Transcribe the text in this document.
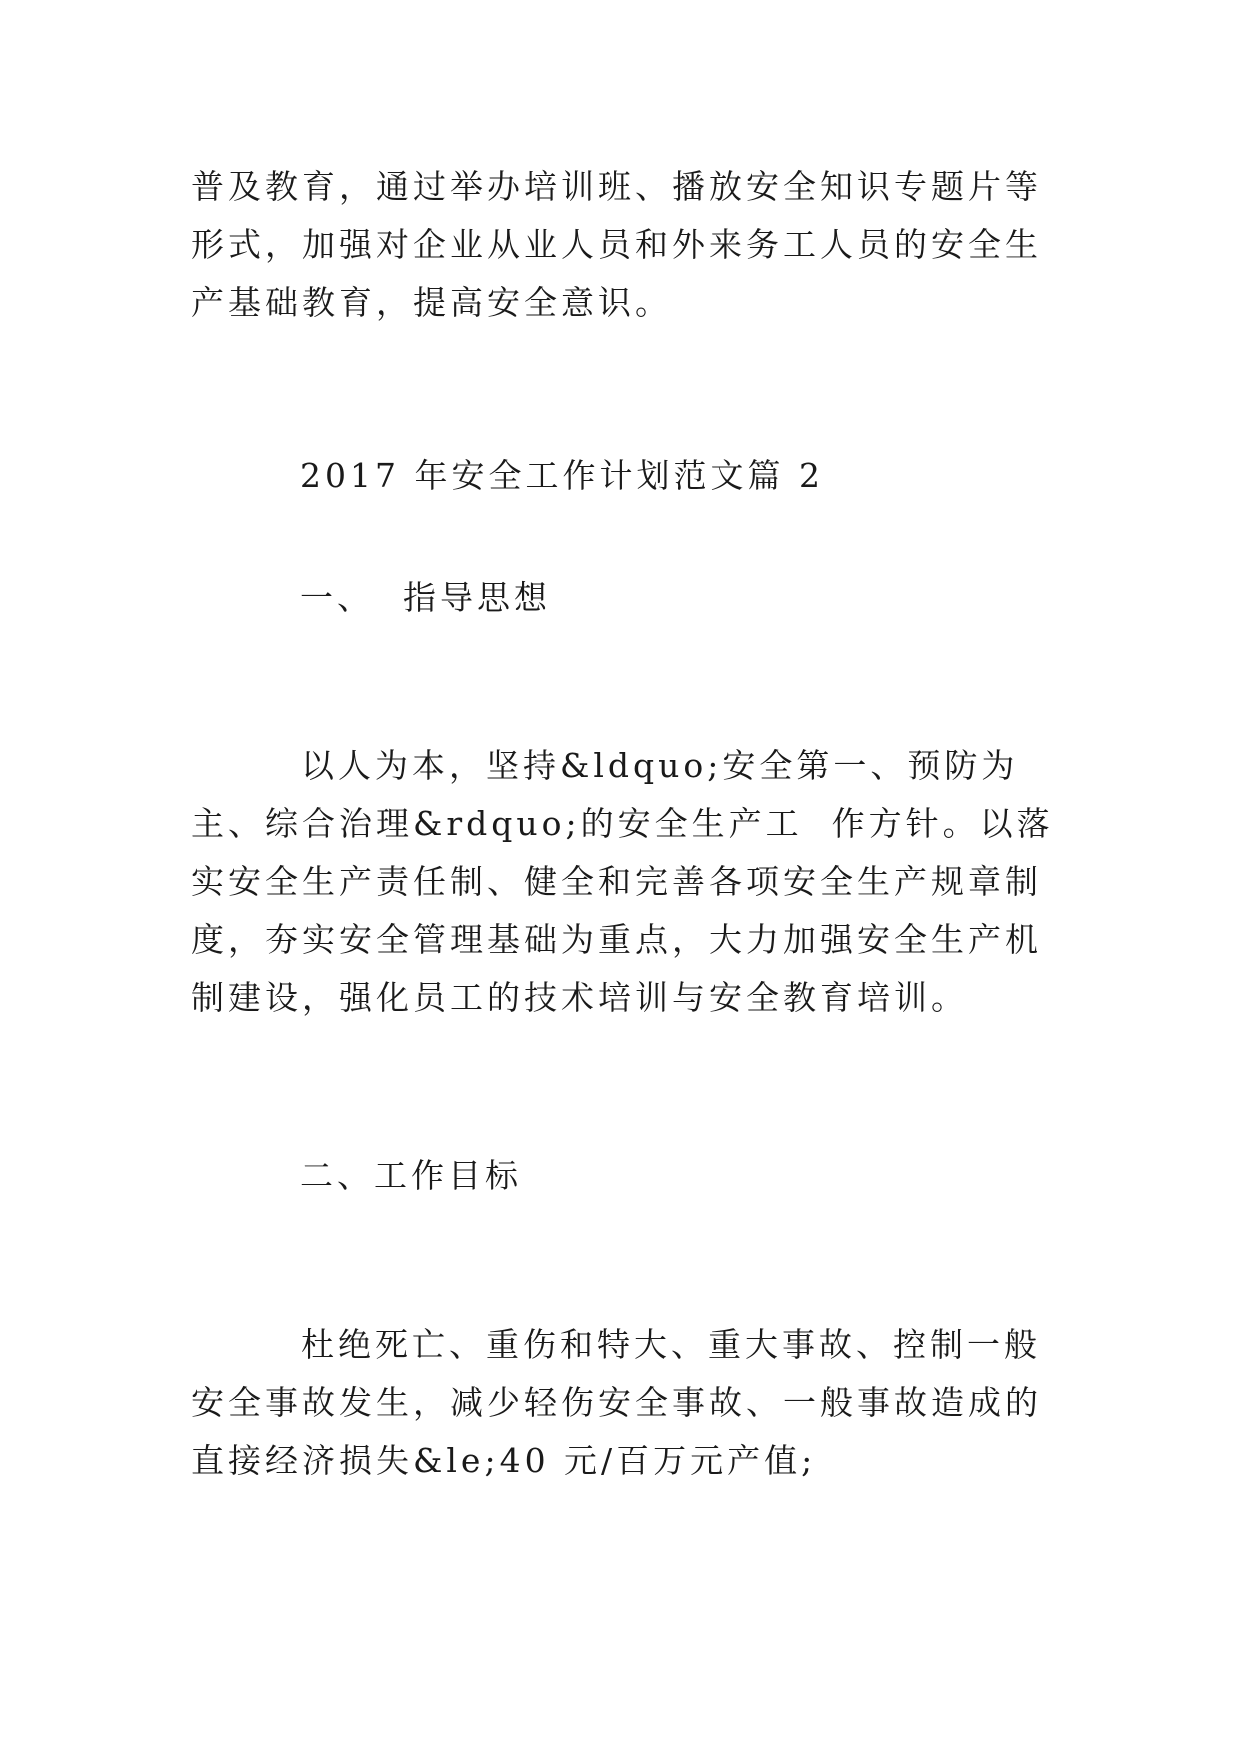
普及教育，通过举办培训班、播放安全知识专题片等形式，加强对企业从业人员和外来务工人员的安全生产基础教育，提高安全意识。

2017 年安全工作计划范文篇 2

一、  指导思想

以人为本，坚持&ldquo;安全第一、预防为主、综合治理&rdquo;的安全生产工  作方针。以落实安全生产责任制、健全和完善各项安全生产规章制度，夯实安全管理基础为重点，大力加强安全生产机制建设，强化员工的技术培训与安全教育培训。

二、工作目标

杜绝死亡、重伤和特大、重大事故、控制一般安全事故发生，减少轻伤安全事故、一般事故造成的直接经济损失&le;40 元/百万元产值;
